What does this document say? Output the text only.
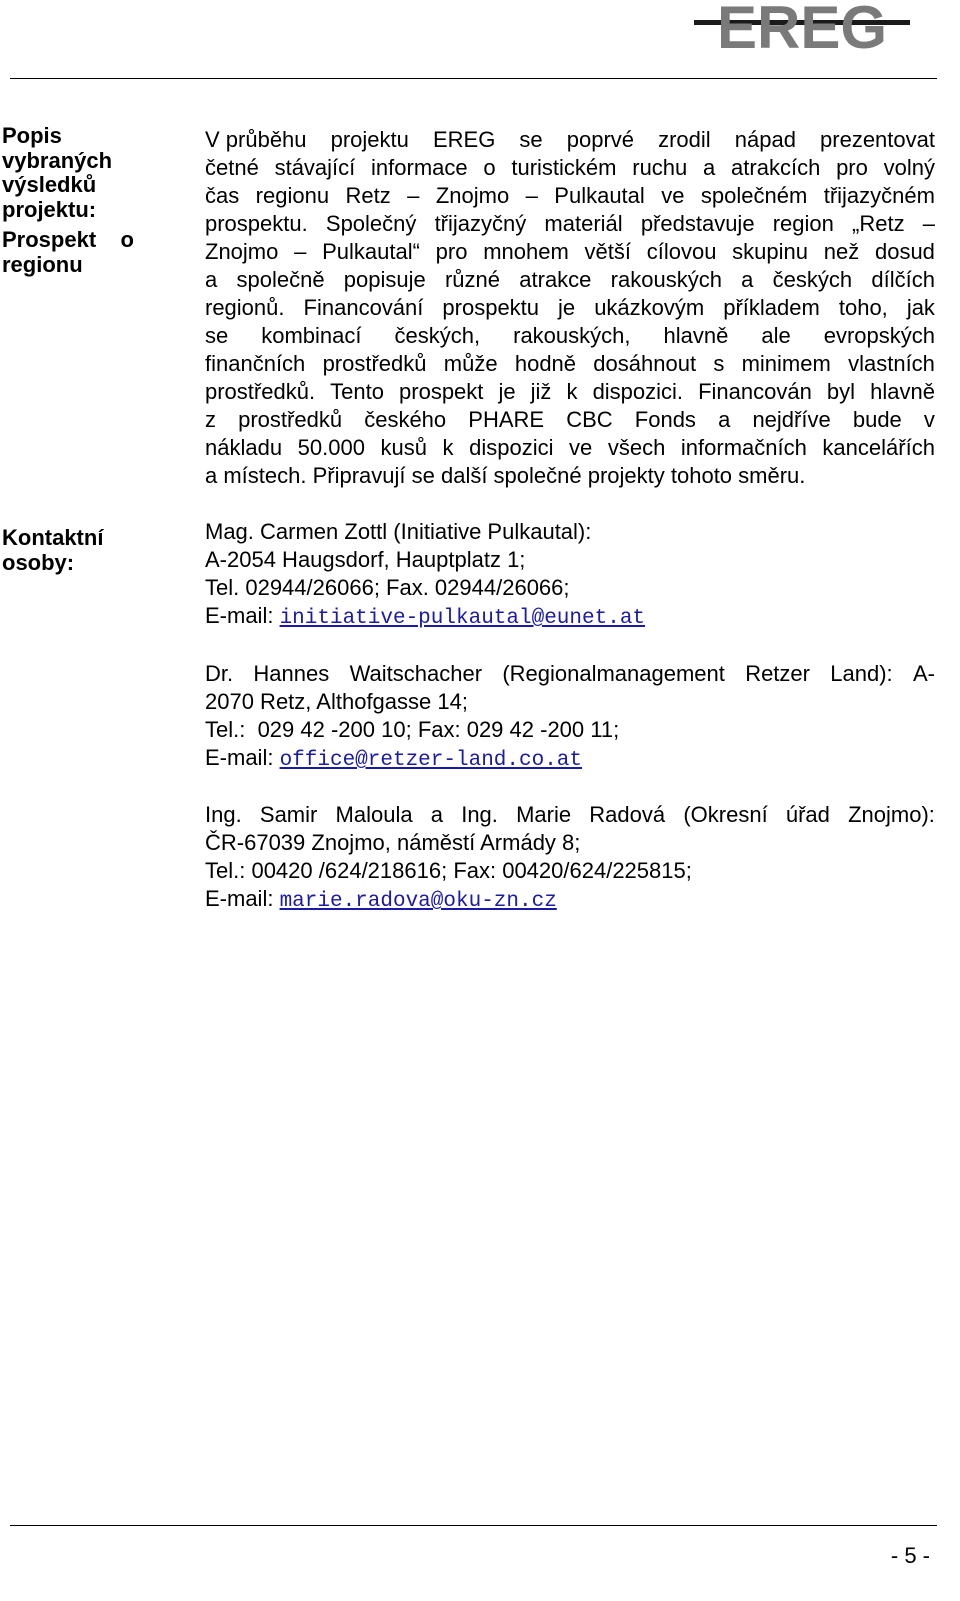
EREG
Popis
vybraných
výsledků
projektu:
Prospekt o
regionu
Kontaktní
osoby:
V průběhu projektu EREG se poprvé zrodil nápad prezentovat
četné stávající informace o turistickém ruchu a atrakcích pro volný
čas regionu Retz – Znojmo – Pulkautal ve společném třijazyčném
prospektu. Společný třijazyčný materiál představuje region „Retz –
Znojmo – Pulkautal“ pro mnohem větší cílovou skupinu než dosud
a společně popisuje různé atrakce rakouských a českých dílčích
regionů. Financování prospektu je ukázkovým příkladem toho, jak
se kombinací českých, rakouských, hlavně ale evropských
finančních prostředků může hodně dosáhnout s minimem vlastních
prostředků. Tento prospekt je již k dispozici. Financován byl hlavně
z prostředků českého PHARE CBC Fonds a nejdříve bude v
nákladu 50.000 kusů k dispozici ve všech informačních kancelářích
a místech. Připravují se další společné projekty tohoto směru.
Mag. Carmen Zottl (Initiative Pulkautal):
A-2054 Haugsdorf, Hauptplatz 1;
Tel. 02944/26066; Fax. 02944/26066;
E-mail: initiative-pulkautal@eunet.at
Dr. Hannes Waitschacher (Regionalmanagement Retzer Land): A-
2070 Retz, Althofgasse 14;
Tel.:  029 42 -200 10; Fax: 029 42 -200 11;
E-mail: office@retzer-land.co.at
Ing. Samir Maloula a Ing. Marie Radová (Okresní úřad Znojmo):
ČR-67039 Znojmo, náměstí Armády 8;
Tel.: 00420 /624/218616; Fax: 00420/624/225815;
E-mail: marie.radova@oku-zn.cz
- 5 -
